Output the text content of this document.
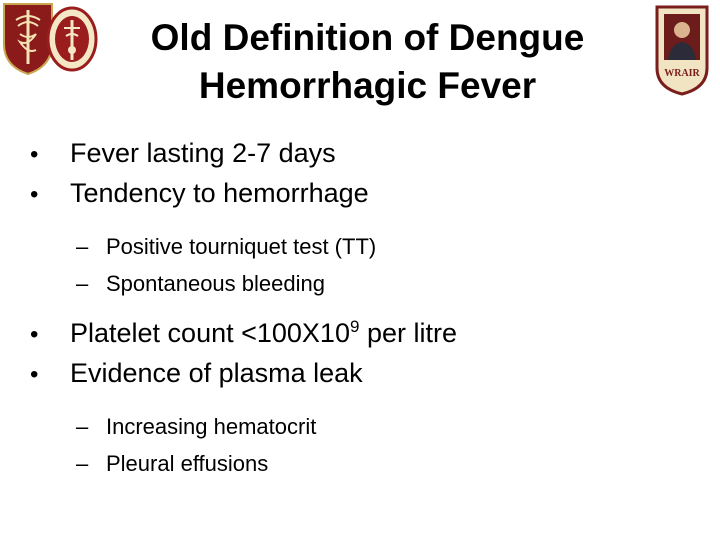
Old Definition of Dengue Hemorrhagic Fever	WRAIR
•	Fever lasting 2-7 days
•	Tendency to hemorrhage
– Positive tourniquet test (TT)
– Spontaneous bleeding
•	Platelet count $<100X10^9$ per litre
•	Evidence of plasma leak
– Increasing hematocrit
– Pleural effusions
